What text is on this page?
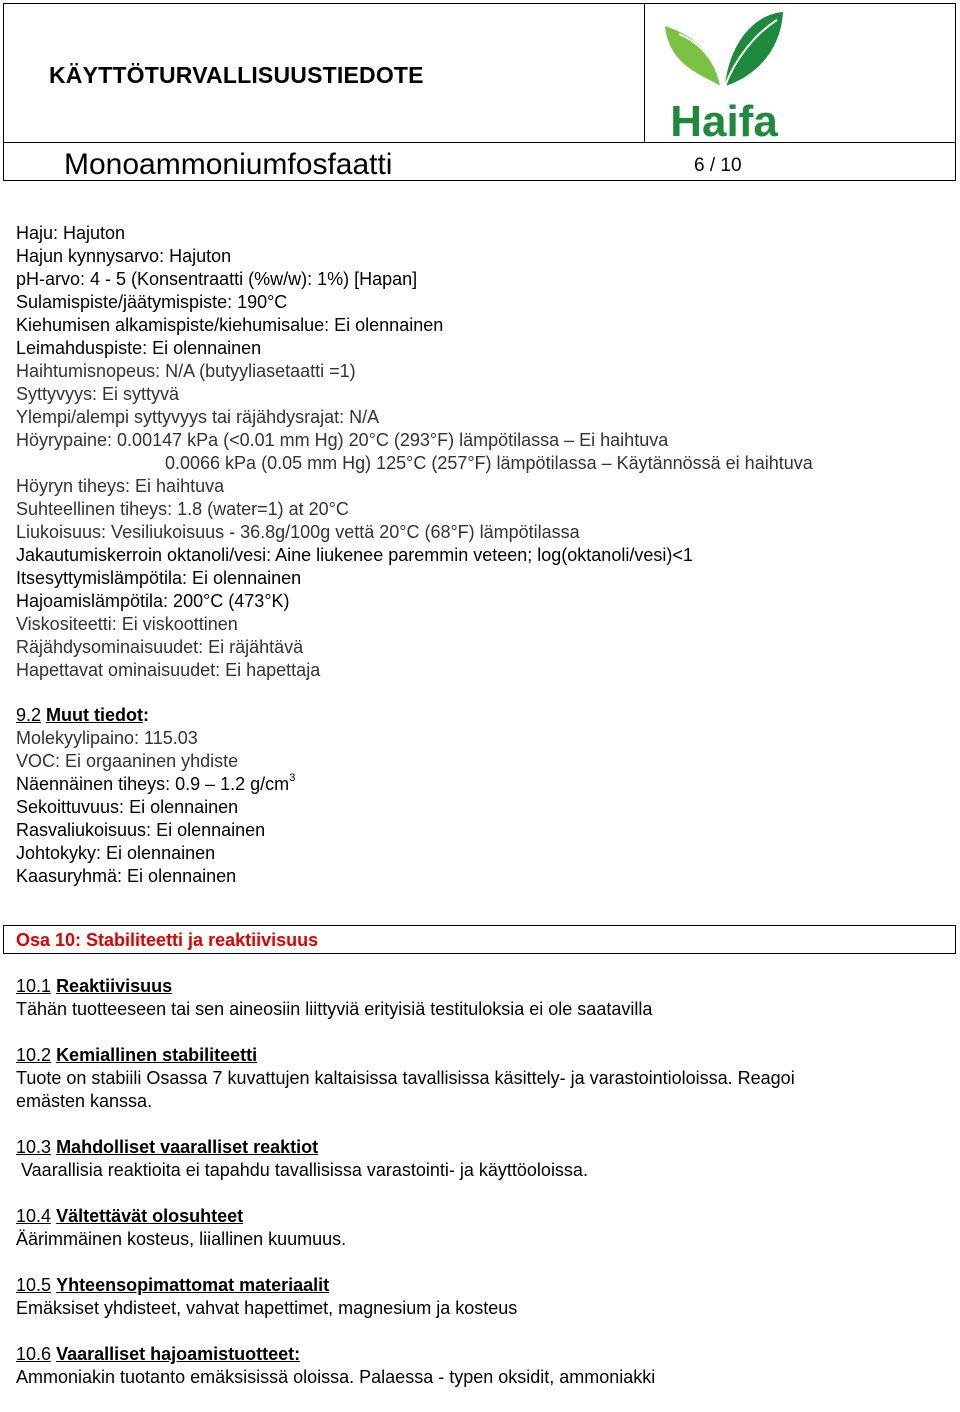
KÄYTTÖTURVALLISUUSTIEDOTE
Haifa
Monoammoniumfosfaatti	6 / 10
Haju: Hajuton
Hajun kynnysarvo: Hajuton
pH-arvo: 4 - 5 (Konsentraatti (%w/w): 1%) [Hapan]
Sulamispiste/jäätymispiste: 190°C
Kiehumisen alkamispiste/kiehumisalue: Ei olennainen
Leimahduspiste: Ei olennainen
Haihtumisnopeus: N/A (butyyliasetaatti =1)
Syttyvyys: Ei syttyvä
Ylempi/alempi syttyvyys tai räjähdysrajat: N/A
Höyrypaine: 0.00147 kPa (<0.01 mm Hg) 20°C (293°F) lämpötilassa – Ei haihtuva
0.0066 kPa (0.05 mm Hg) 125°C (257°F) lämpötilassa – Käytännössä ei haihtuva
Höyryn tiheys: Ei haihtuva
Suhteellinen tiheys: 1.8 (water=1) at 20°C
Liukoisuus: Vesiliukoisuus - 36.8g/100g vettä 20°C (68°F) lämpötilassa
Jakautumiskerroin oktanoli/vesi: Aine liukenee paremmin veteen; log(oktanoli/vesi)<1
Itsesyttymislämpötila: Ei olennainen
Hajoamislämpötila: 200°C (473°K)
Viskositeetti: Ei viskoottinen
Räjähdysominaisuudet: Ei räjähtävä
Hapettavat ominaisuudet: Ei hapettaja
9.2 Muut tiedot:
Molekyylipaino: 115.03
VOC: Ei orgaaninen yhdiste
Näennäinen tiheys: 0.9 – 1.2 $g/cm^3$
Sekoittuvuus: Ei olennainen
Rasvaliukoisuus: Ei olennainen
Johtokyky: Ei olennainen
Kaasuryhmä: Ei olennainen
Osa 10: Stabiliteetti ja reaktiivisuus
10.1 Reaktiivisuus
Tähän tuotteeseen tai sen aineosiin liittyviä erityisiä testituloksia ei ole saatavilla
10.2 Kemiallinen stabiliteetti
Tuote on stabiili Osassa 7 kuvattujen kaltaisissa tavallisissa käsittely- ja varastointiolоissa. Reagoi
emästen kanssa.
10.3 Mahdolliset vaaralliset reaktiot
Vaarallisia reaktioita ei tapahdu tavallisissa varastointi- ja käyttöoloissa.
10.4 Vältettävät olosuhteet
Äärimmäinen kosteus, liiallinen kuumuus.
10.5 Yhteensopimattomat materiaalit
Emäksiset yhdisteet, vahvat hapettimet, magnesium ja kosteus
10.6 Vaaralliset hajoamistuotteet:
Ammoniakin tuotanto emäksisissä oloissa. Palaessa - typen oksidit, ammoniakki
